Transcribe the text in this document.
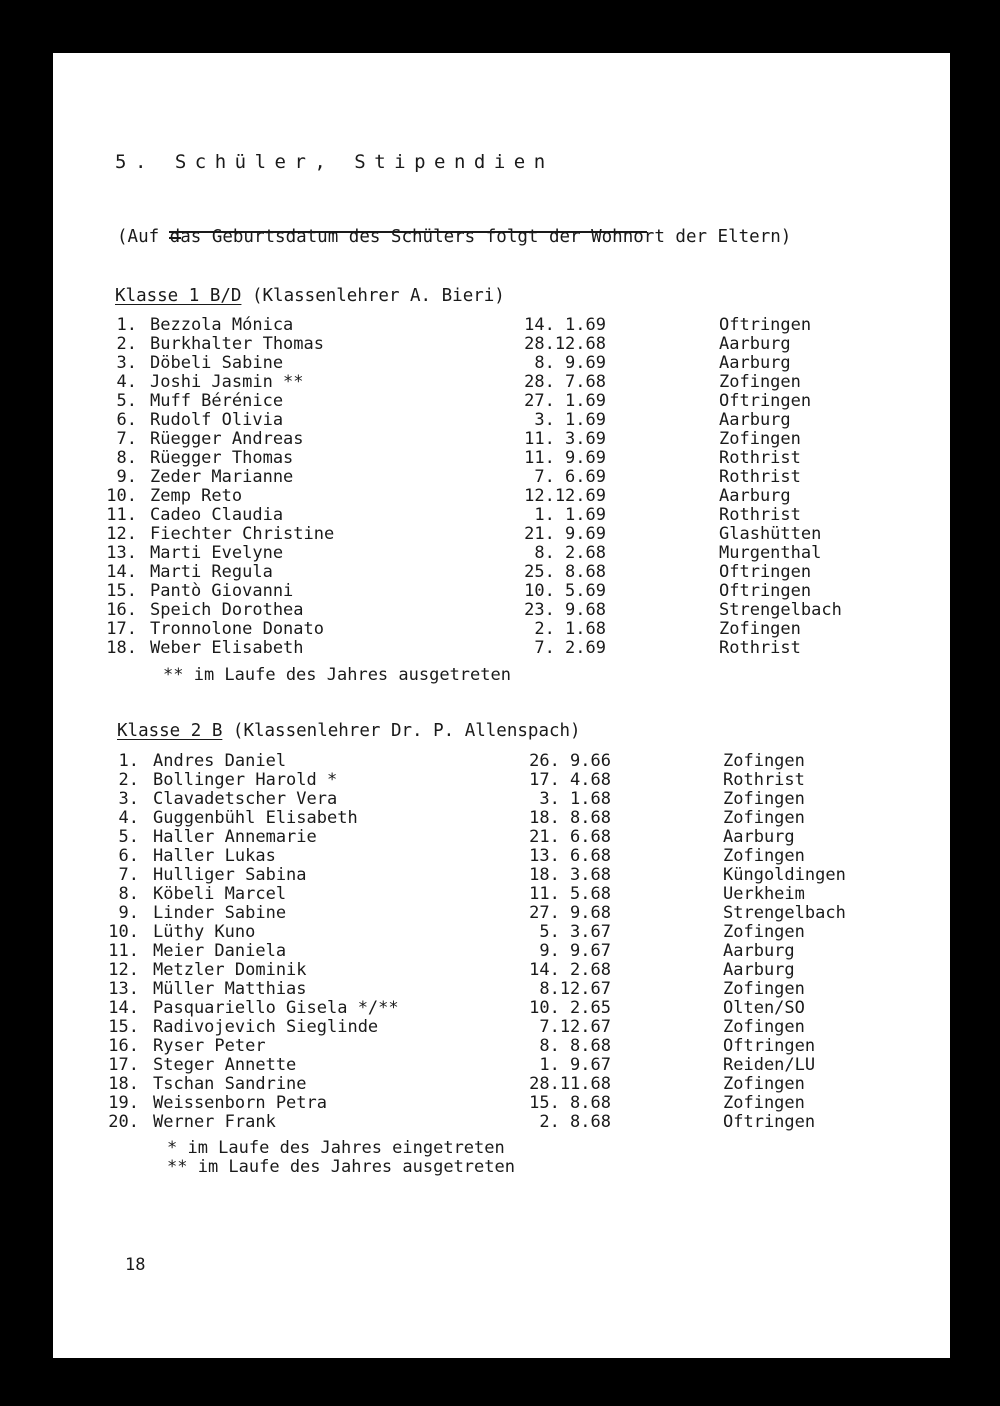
5. Schüler, Stipendien
(Auf das Geburtsdatum des Schülers folgt der Wohnort der Eltern)
Klasse 1 B/D (Klassenlehrer A. Bieri)
1. Bezzola Mónica	14. 1.69	Oftringen
2. Burkhalter Thomas	28.12.68	Aarburg
3. Döbeli Sabine	8. 9.69	Aarburg
4. Joshi Jasmin **	28. 7.68	Zofingen
5. Muff Bérénice	27. 1.69	Oftringen
6. Rudolf Olivia	3. 1.69	Aarburg
7. Rüegger Andreas	11. 3.69	Zofingen
8. Rüegger Thomas	11. 9.69	Rothrist
9. Zeder Marianne	7. 6.69	Rothrist
10. Zemp Reto	12.12.69	Aarburg
11. Cadeo Claudia	1. 1.69	Rothrist
12. Fiechter Christine	21. 9.69	Glashütten
13. Marti Evelyne	8. 2.68	Murgenthal
14. Marti Regula	25. 8.68	Oftringen
15. Pantò Giovanni	10. 5.69	Oftringen
16. Speich Dorothea	23. 9.68	Strengelbach
17. Tronnolone Donato	2. 1.68	Zofingen
18. Weber Elisabeth	7. 2.69	Rothrist
** im Laufe des Jahres ausgetreten
Klasse 2 B (Klassenlehrer Dr. P. Allenspach)
1. Andres Daniel	26. 9.66	Zofingen
2. Bollinger Harold *	17. 4.68	Rothrist
3. Clavadetscher Vera	3. 1.68	Zofingen
4. Guggenbühl Elisabeth	18. 8.68	Zofingen
5. Haller Annemarie	21. 6.68	Aarburg
6. Haller Lukas	13. 6.68	Zofingen
7. Hulliger Sabina	18. 3.68	Küngoldingen
8. Köbeli Marcel	11. 5.68	Uerkheim
9. Linder Sabine	27. 9.68	Strengelbach
10. Lüthy Kuno	5. 3.67	Zofingen
11. Meier Daniela	9. 9.67	Aarburg
12. Metzler Dominik	14. 2.68	Aarburg
13. Müller Matthias	8.12.67	Zofingen
14. Pasquariello Gisela */**	10. 2.65	Olten/SO
15. Radivojevich Sieglinde	7.12.67	Zofingen
16. Ryser Peter	8. 8.68	Oftringen
17. Steger Annette	1. 9.67	Reiden/LU
18. Tschan Sandrine	28.11.68	Zofingen
19. Weissenborn Petra	15. 8.68	Zofingen
20. Werner Frank	2. 8.68	Oftringen
* im Laufe des Jahres eingetreten
** im Laufe des Jahres ausgetreten
18
